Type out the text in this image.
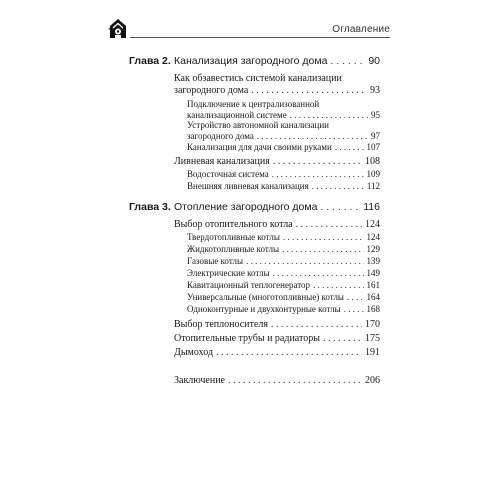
Оглавление
Глава 2. Канализация загородного дома . . .	90
Как обзавестись системой канализации
загородного дома . . .	93
Подключение к централизованной
канализационной системе . . .	95
Устройство автономной канализации
загородного дома . . .	97
Канализация для дачи своими руками . . .	107
Ливневая канализация . . .	108
Водосточная система . . .	109
Внешняя ливневая канализация . . .	112
Глава 3. Отопление загородного дома . . .	116
Выбор отопительного котла . . .	124
Твердотопливные котлы . . .	124
Жидкотопливные котлы . . .	129
Газовые котлы . . .	139
Электрические котлы . . .	149
Кавитационный теплогенератор . . .	161
Универсальные (многотопливные) котлы . . .	164
Одноконтурные и двухконтурные котлы . . .	168
Выбор теплоносителя . . .	170
Отопительные трубы и радиаторы . . .	175
Дымоход . . .	191
Заключение . . .	206
